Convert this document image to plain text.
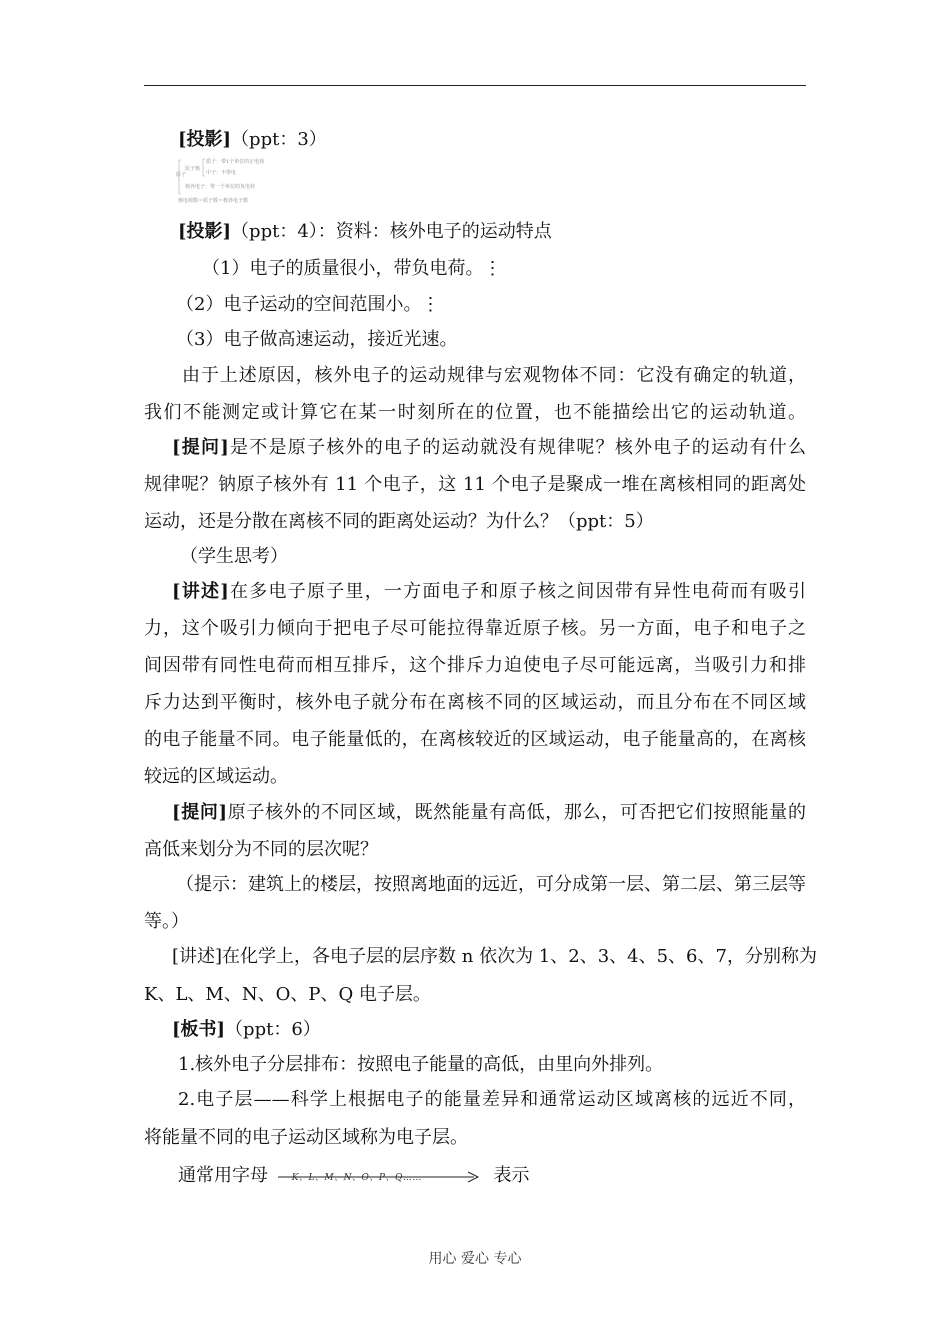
[投影]（ppt：3）
原子
原子核
质子：带1个单位的正电荷
中子：不带电
核外电子：带一个单位的负电荷
核电荷数＝质子数＝核外电子数
[投影]（ppt：4）：资料：核外电子的运动特点
（1）电子的质量很小，带负电荷。⋮
（2）电子运动的空间范围小。⋮
（3）电子做高速运动，接近光速。
由于上述原因，核外电子的运动规律与宏观物体不同：它没有确定的轨道，
我们不能测定或计算它在某一时刻所在的位置，也不能描绘出它的运动轨道。
[提问]是不是原子核外的电子的运动就没有规律呢？核外电子的运动有什么
规律呢？钠原子核外有 11 个电子，这 11 个电子是聚成一堆在离核相同的距离处
运动，还是分散在离核不同的距离处运动？为什么？（ppt：5）
（学生思考）
[讲述]在多电子原子里，一方面电子和原子核之间因带有异性电荷而有吸引
力，这个吸引力倾向于把电子尽可能拉得靠近原子核。另一方面，电子和电子之
间因带有同性电荷而相互排斥，这个排斥力迫使电子尽可能远离，当吸引力和排
斥力达到平衡时，核外电子就分布在离核不同的区域运动，而且分布在不同区域
的电子能量不同。电子能量低的，在离核较近的区域运动，电子能量高的，在离核
较远的区域运动。
[提问]原子核外的不同区域，既然能量有高低，那么，可否把它们按照能量的
高低来划分为不同的层次呢？
（提示：建筑上的楼层，按照离地面的远近，可分成第一层、第二层、第三层等
等。）
[讲述]在化学上，各电子层的层序数 n 依次为 1、2、3、4、5、6、7，分别称为
K、L、M、N、O、P、Q 电子层。
[板书]（ppt：6）
1.核外电子分层排布：按照电子能量的高低，由里向外排列。
2.电子层——科学上根据电子的能量差异和通常运动区域离核的远近不同，
将能量不同的电子运动区域称为电子层。
通常用字母	K、L、M、N、O、P、Q……	表示
用心 爱心 专心
